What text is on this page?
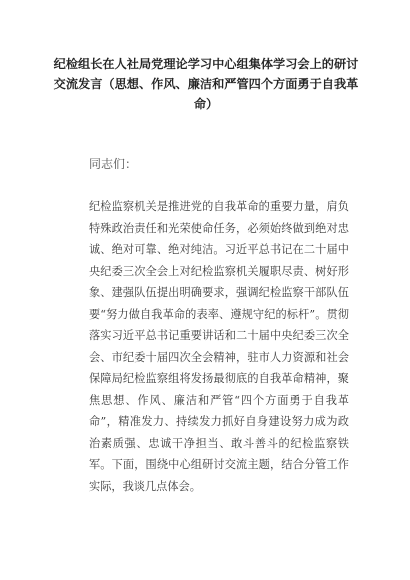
纪检组长在人社局党理论学习中心组集体学习会上的研讨交流发言（思想、作风、廉洁和严管四个方面勇于自我革命）
同志们：
纪检监察机关是推进党的自我革命的重要力量，肩负特殊政治责任和光荣使命任务，必须始终做到绝对忠诚、绝对可靠、绝对纯洁。习近平总书记在二十届中央纪委三次全会上对纪检监察机关履职尽责、树好形象、建强队伍提出明确要求，强调纪检监察干部队伍要“努力做自我革命的表率、遵规守纪的标杆”。贯彻落实习近平总书记重要讲话和二十届中央纪委三次全会、市纪委十届四次全会精神，驻市人力资源和社会保障局纪检监察组将发扬最彻底的自我革命精神，聚焦思想、作风、廉洁和严管“四个方面勇于自我革命”，精准发力、持续发力抓好自身建设努力成为政治素质强、忠诚干净担当、敢斗善斗的纪检监察铁军。下面，围绕中心组研讨交流主题，结合分管工作实际，我谈几点体会。
